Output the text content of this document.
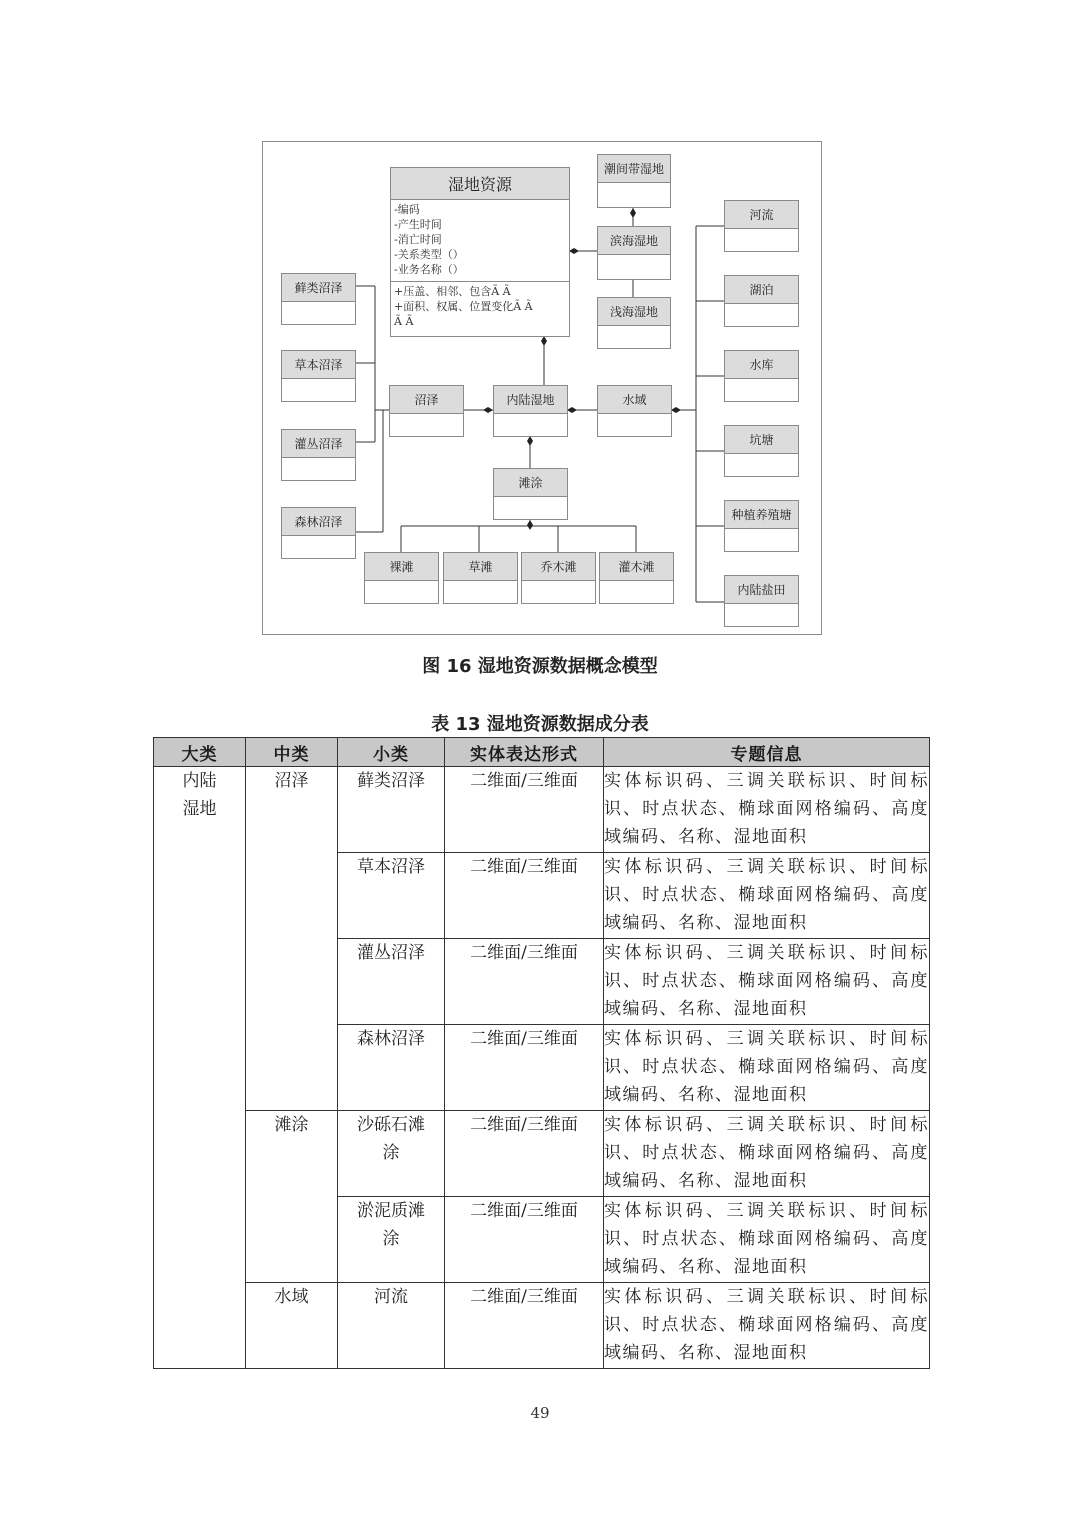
湿地资源
-编码
-产生时间
-消亡时间
-关系类型（）
-业务名称（）
+压盖、相邻、包含Ã Ã
+面积、权属、位置变化Ã Ã
Ã Ã
潮间带湿地
滨海湿地
浅海湿地
藓类沼泽
草本沼泽
灌丛沼泽
森林沼泽
沼泽	内陆湿地	水域
滩涂
裸滩	草滩	乔木滩	灌木滩
河流
湖泊
水库
坑塘
种植养殖塘
内陆盐田
图 16 湿地资源数据概念模型
表 13 湿地资源数据成分表
大类	中类	小类	实体表达形式	专题信息
内陆湿地	沼泽	藓类沼泽	二维面/三维面	实体标识码、三调关联标识、时间标识、时点状态、椭球面网格编码、高度域编码、名称、湿地面积
		草本沼泽	二维面/三维面	实体标识码、三调关联标识、时间标识、时点状态、椭球面网格编码、高度域编码、名称、湿地面积
		灌丛沼泽	二维面/三维面	实体标识码、三调关联标识、时间标识、时点状态、椭球面网格编码、高度域编码、名称、湿地面积
		森林沼泽	二维面/三维面	实体标识码、三调关联标识、时间标识、时点状态、椭球面网格编码、高度域编码、名称、湿地面积
	滩涂	沙砾石滩涂	二维面/三维面	实体标识码、三调关联标识、时间标识、时点状态、椭球面网格编码、高度域编码、名称、湿地面积
		淤泥质滩涂	二维面/三维面	实体标识码、三调关联标识、时间标识、时点状态、椭球面网格编码、高度域编码、名称、湿地面积
	水域	河流	二维面/三维面	实体标识码、三调关联标识、时间标识、时点状态、椭球面网格编码、高度域编码、名称、湿地面积
49
